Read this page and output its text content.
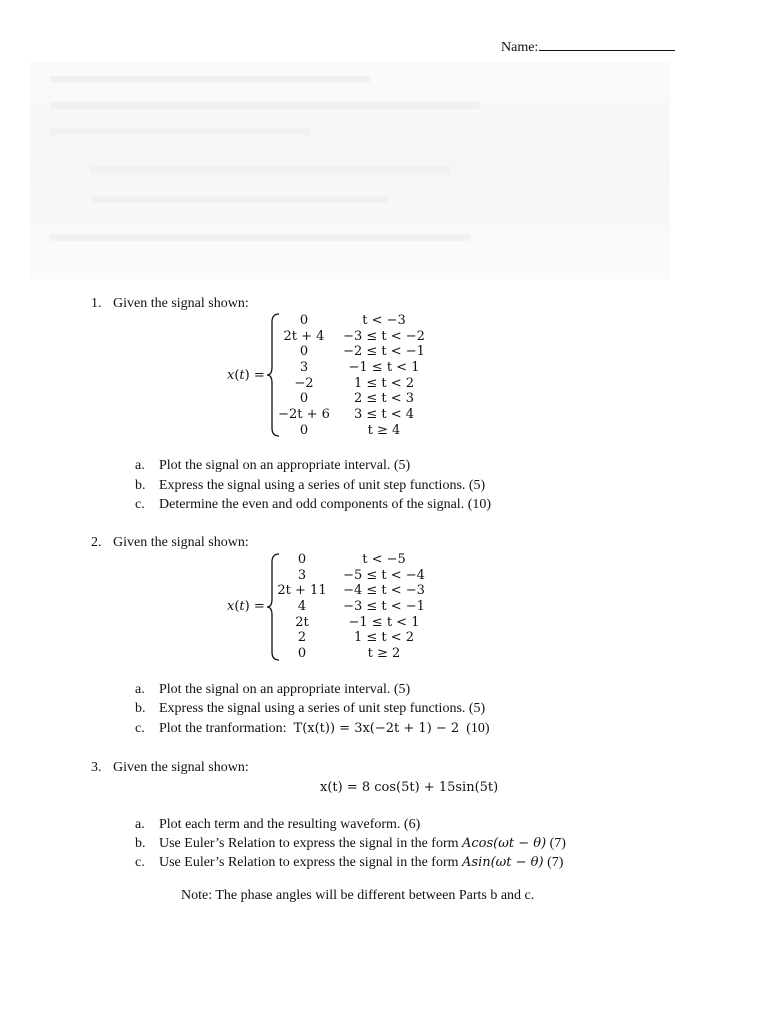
Name:
1. Given the signal shown:
x(t) =
0
2t + 4
0
3
−2
0
−2t + 6
0
t < −3
−3 ≤ t < −2
−2 ≤ t < −1
−1 ≤ t < 1
1 ≤ t < 2
2 ≤ t < 3
3 ≤ t < 4
t ≥ 4
a. Plot the signal on an appropriate interval. (5)
b. Express the signal using a series of unit step functions. (5)
c. Determine the even and odd components of the signal. (10)
2. Given the signal shown:
x(t) =
0
3
2t + 11
4
2t
2
0
t < −5
−5 ≤ t < −4
−4 ≤ t < −3
−3 ≤ t < −1
−1 ≤ t < 1
1 ≤ t < 2
t ≥ 2
a. Plot the signal on an appropriate interval. (5)
b. Express the signal using a series of unit step functions. (5)
c. Plot the tranformation: T(x(t)) = 3x(−2t + 1) − 2 (10)
3. Given the signal shown:
x(t) = 8 cos(5t) + 15sin(5t)
a. Plot each term and the resulting waveform. (6)
b. Use Euler’s Relation to express the signal in the form Acos(ωt − θ) (7)
c. Use Euler’s Relation to express the signal in the form Asin(ωt − θ) (7)
Note: The phase angles will be different between Parts b and c.
